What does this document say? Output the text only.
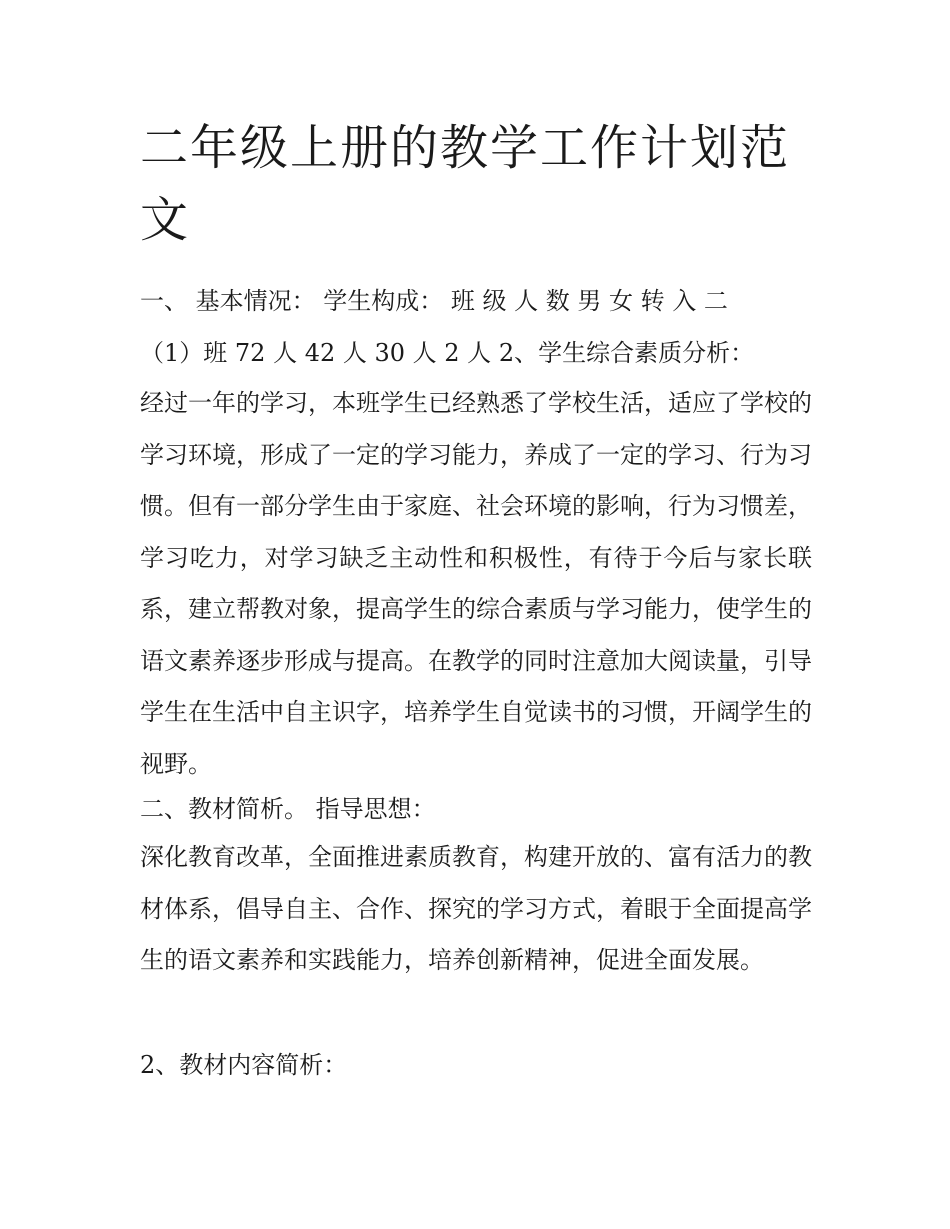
二年级上册的教学工作计划范文

一、 基本情况： 学生构成： 班 级 人 数 男 女 转 入 二

（1）班 72 人 42 人 30 人 2 人 2、学生综合素质分析：

经过一年的学习，本班学生已经熟悉了学校生活，适应了学校的学习环境，形成了一定的学习能力，养成了一定的学习、行为习惯。但有一部分学生由于家庭、社会环境的影响，行为习惯差，学习吃力，对学习缺乏主动性和积极性，有待于今后与家长联系，建立帮教对象，提高学生的综合素质与学习能力，使学生的语文素养逐步形成与提高。在教学的同时注意加大阅读量，引导学生在生活中自主识字，培养学生自觉读书的习惯，开阔学生的视野。

二、教材简析。 指导思想：

深化教育改革，全面推进素质教育，构建开放的、富有活力的教材体系，倡导自主、合作、探究的学习方式，着眼于全面提高学生的语文素养和实践能力，培养创新精神，促进全面发展。

2、教材内容简析：
